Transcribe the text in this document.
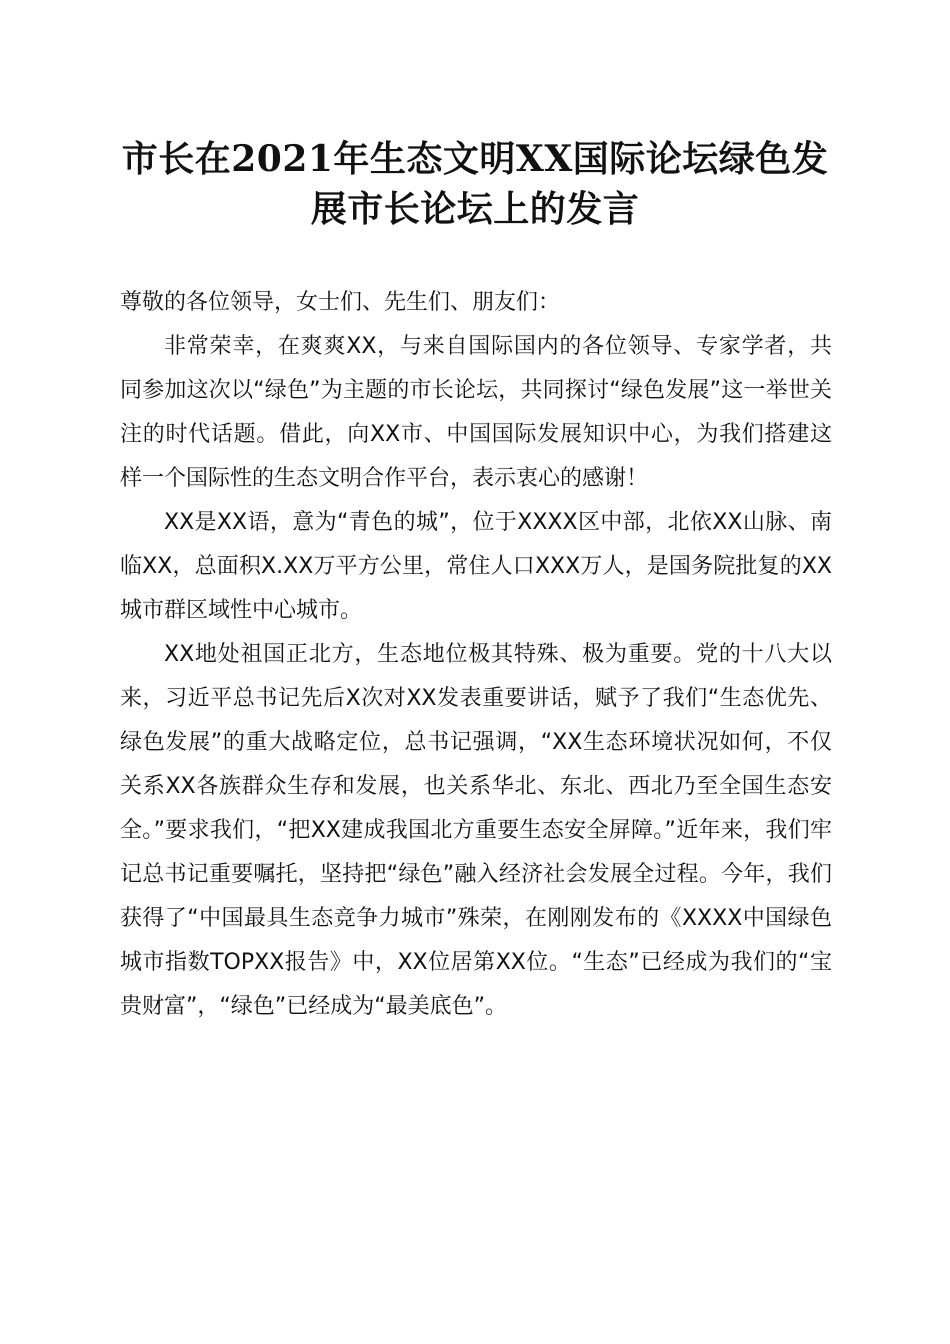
市长在2021年生态文明XX国际论坛绿色发
展市长论坛上的发言

尊敬的各位领导，女士们、先生们、朋友们：

非常荣幸，在爽爽XX，与来自国际国内的各位领导、专家学者，共同参加这次以“绿色”为主题的市长论坛，共同探讨“绿色发展”这一举世关注的时代话题。借此，向XX市、中国国际发展知识中心，为我们搭建这样一个国际性的生态文明合作平台，表示衷心的感谢！

XX是XX语，意为“青色的城”，位于XXXX区中部，北依XX山脉、南临XX，总面积X.XX万平方公里，常住人口XXX万人，是国务院批复的XX城市群区域性中心城市。

XX地处祖国正北方，生态地位极其特殊、极为重要。党的十八大以来，习近平总书记先后X次对XX发表重要讲话，赋予了我们“生态优先、绿色发展”的重大战略定位，总书记强调，“XX生态环境状况如何，不仅关系XX各族群众生存和发展，也关系华北、东北、西北乃至全国生态安全。”要求我们，“把XX建成我国北方重要生态安全屏障。”近年来，我们牢记总书记重要嘱托，坚持把“绿色”融入经济社会发展全过程。今年，我们获得了“中国最具生态竞争力城市”殊荣，在刚刚发布的《XXXX中国绿色城市指数TOPXX报告》中，XX位居第XX位。“生态”已经成为我们的“宝贵财富”，“绿色”已经成为“最美底色”。
